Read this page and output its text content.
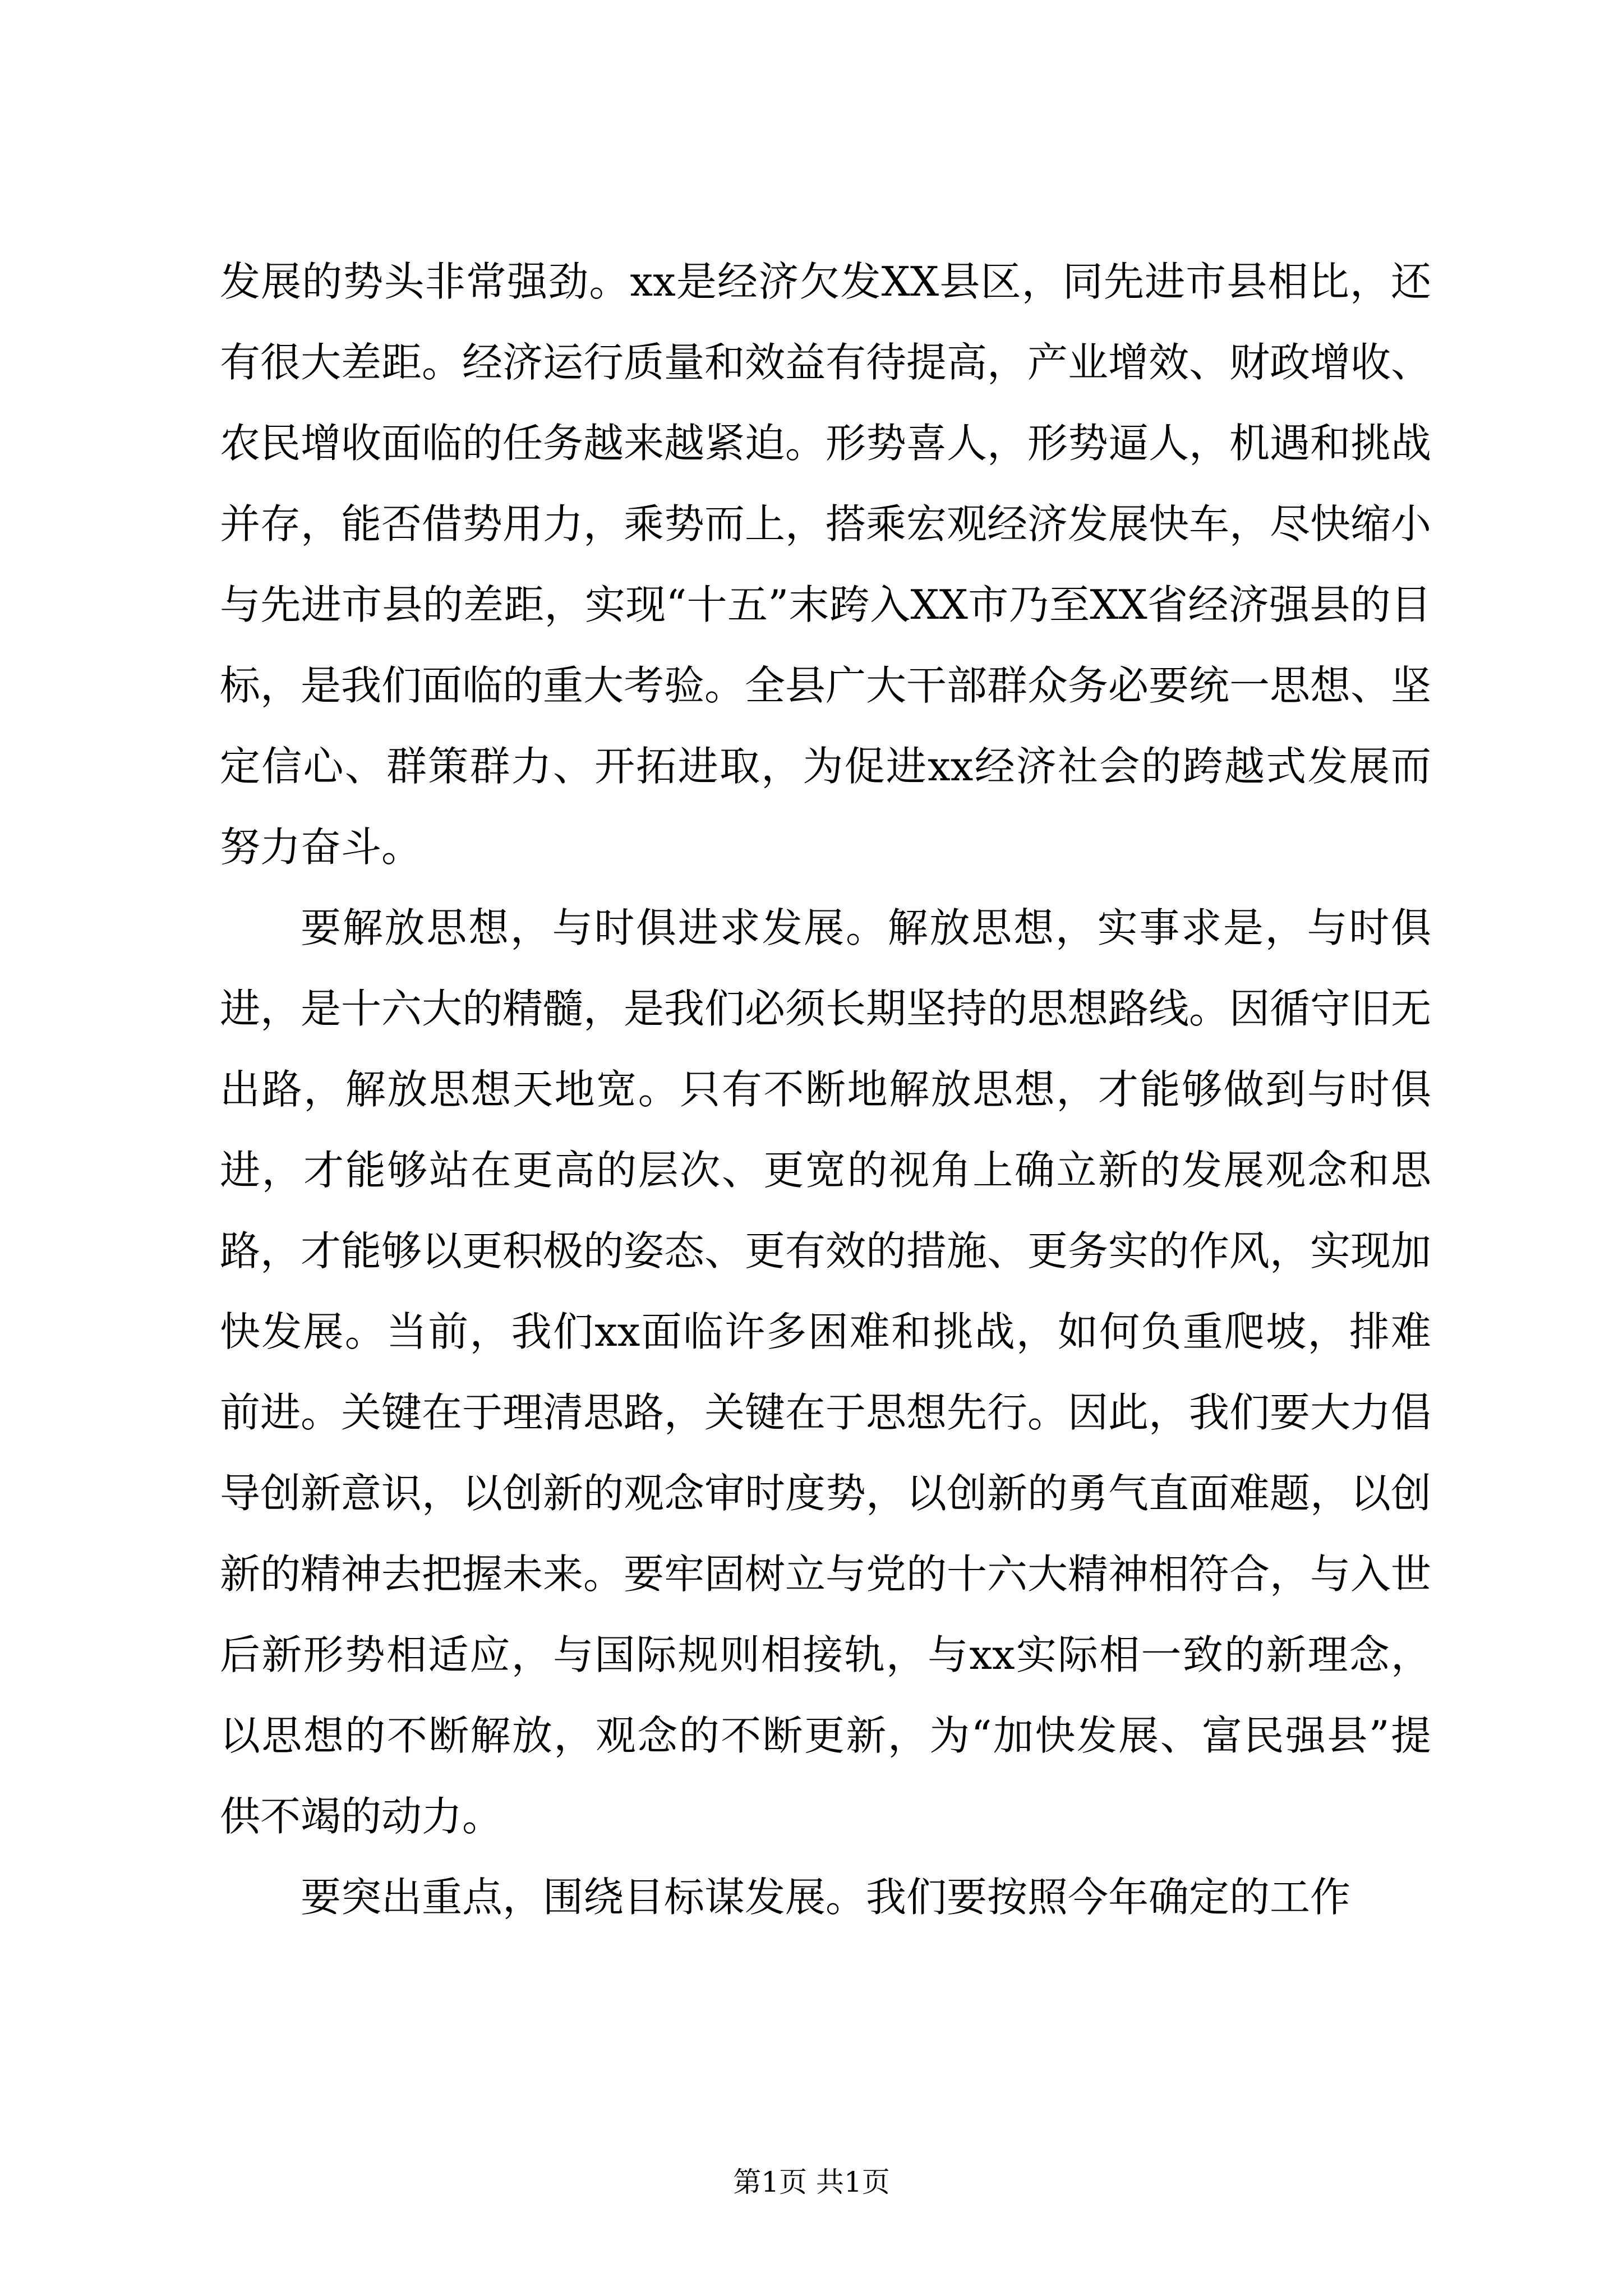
发展的势头非常强劲。xx是经济欠发XX县区，同先进市县相比，还有很大差距。经济运行质量和效益有待提高，产业增效、财政增收、农民增收面临的任务越来越紧迫。形势喜人，形势逼人，机遇和挑战并存，能否借势用力，乘势而上，搭乘宏观经济发展快车，尽快缩小与先进市县的差距，实现“十五”末跨入XX市乃至XX省经济强县的目标，是我们面临的重大考验。全县广大干部群众务必要统一思想、坚定信心、群策群力、开拓进取，为促进xx经济社会的跨越式发展而努力奋斗。

要解放思想，与时俱进求发展。解放思想，实事求是，与时俱进，是十六大的精髓，是我们必须长期坚持的思想路线。因循守旧无出路，解放思想天地宽。只有不断地解放思想，才能够做到与时俱进，才能够站在更高的层次、更宽的视角上确立新的发展观念和思路，才能够以更积极的姿态、更有效的措施、更务实的作风，实现加快发展。当前，我们xx面临许多困难和挑战，如何负重爬坡，排难前进。关键在于理清思路，关键在于思想先行。因此，我们要大力倡导创新意识，以创新的观念审时度势，以创新的勇气直面难题，以创新的精神去把握未来。要牢固树立与党的十六大精神相符合，与入世后新形势相适应，与国际规则相接轨，与xx实际相一致的新理念，以思想的不断解放，观念的不断更新，为“加快发展、富民强县”提供不竭的动力。

要突出重点，围绕目标谋发展。我们要按照今年确定的工作

第1页 共1页
